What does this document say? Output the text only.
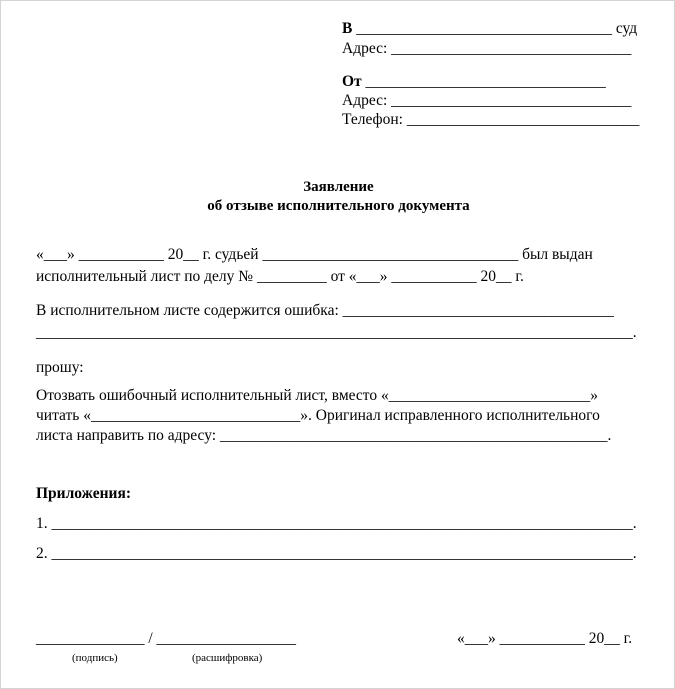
В _________________________________ суд
Адрес: _______________________________
От _______________________________
Адрес: _______________________________
Телефон: ______________________________
Заявление
об отзыве исполнительного документа
«___» ___________ 20__ г. судьей _________________________________ был выдан
исполнительный лист по делу № _________ от «___» ___________ 20__ г.
В исполнительном листе содержится ошибка: ___________________________________
_____________________________________________________________________________.
прошу:
Отозвать ошибочный исполнительный лист, вместо «__________________________»
читать «___________________________». Оригинал исправленного исполнительного
листа направить по адресу: __________________________________________________.
Приложения:
1. ___________________________________________________________________________.
2. ___________________________________________________________________________.
______________ / __________________	«___» ___________ 20__ г.
(подпись)	(расшифровка)
